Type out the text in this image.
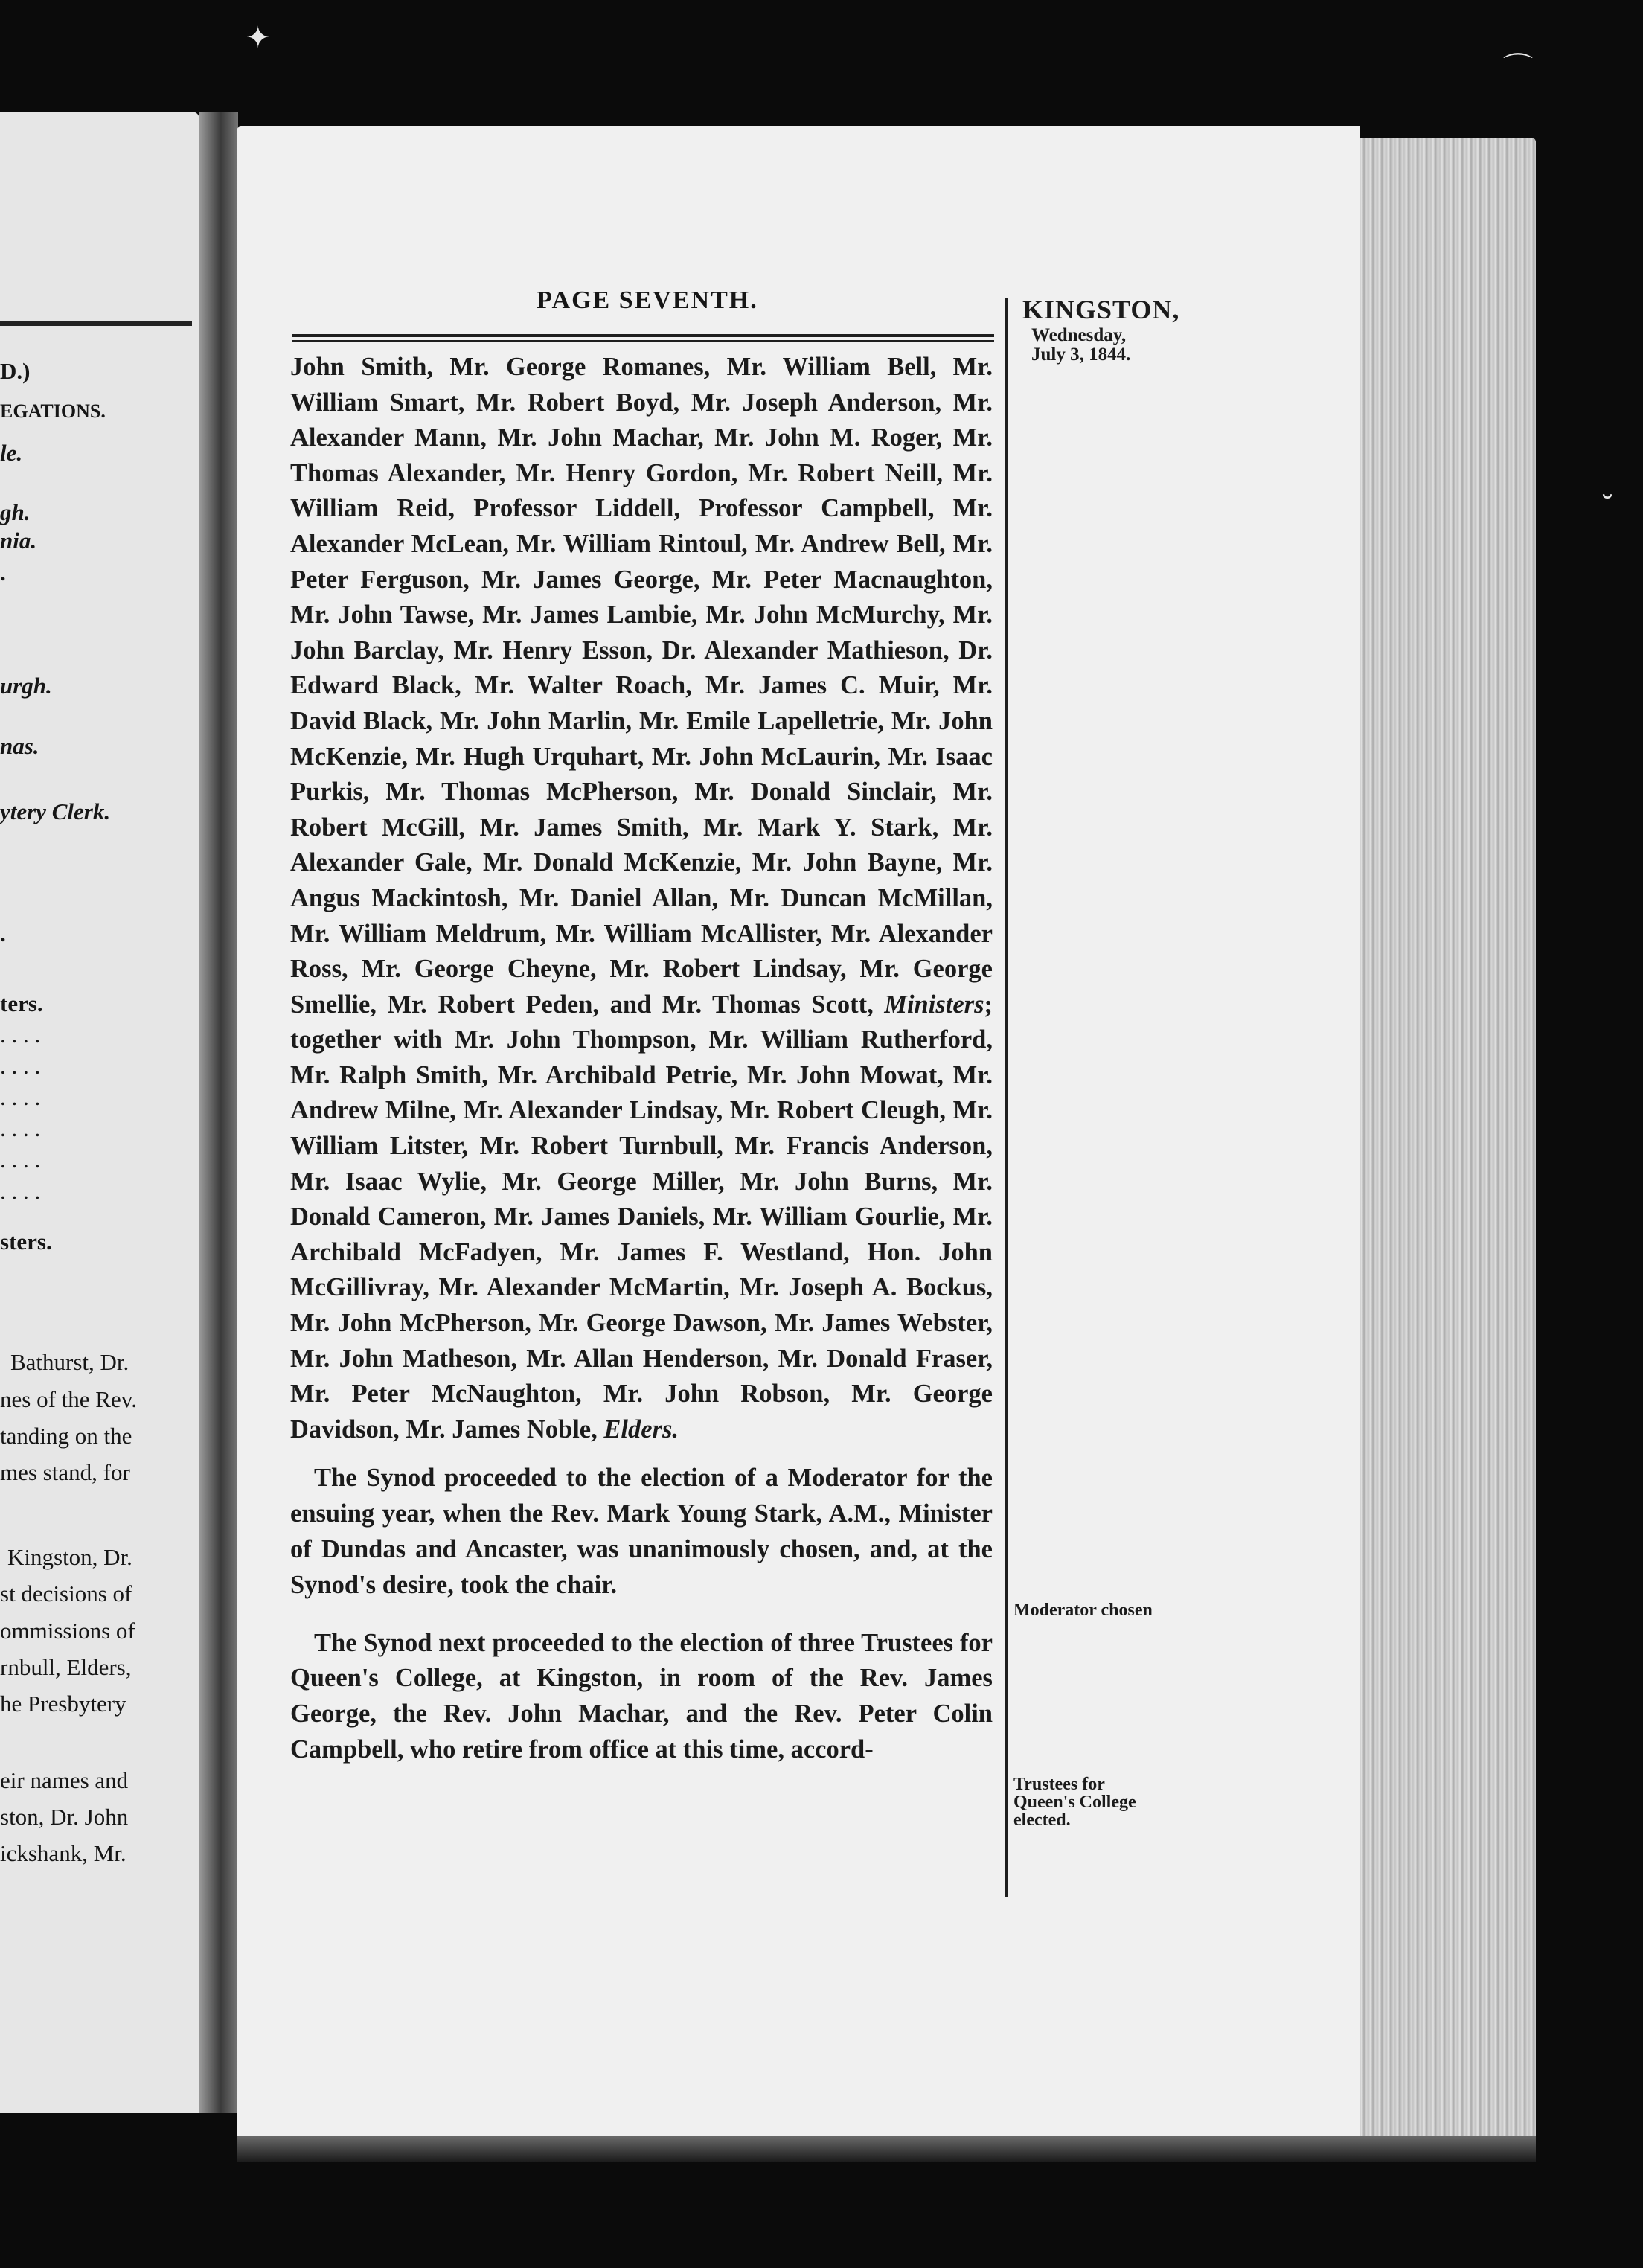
✦
⌒
˘
D.)
EGATIONS.
le.
gh.
nia.
.
urgh.
nas.
ytery Clerk.
.
ters.
. . . .
. . . .
. . . .
. . . .
. . . .
. . . .
sters.
Bathurst, Dr.
nes of the Rev.
tanding on the
mes stand, for
Kingston, Dr.
st decisions of
ommissions of
rnbull, Elders,
he Presbytery
eir names and
ston, Dr. John
ickshank, Mr.
PAGE SEVENTH.	KINGSTON,
Wednesday,
July 3, 1844.

John Smith, Mr. George Romanes, Mr. William Bell, Mr. William Smart, Mr. Robert Boyd, Mr. Joseph Anderson, Mr. Alexander Mann, Mr. John Machar, Mr. John M. Roger, Mr. Thomas Alexander, Mr. Henry Gordon, Mr. Robert Neill, Mr. William Reid, Professor Liddell, Professor Campbell, Mr. Alexander McLean, Mr. William Rintoul, Mr. Andrew Bell, Mr. Peter Ferguson, Mr. James George, Mr. Peter Macnaughton, Mr. John Tawse, Mr. James Lambie, Mr. John McMurchy, Mr. John Barclay, Mr. Henry Esson, Dr. Alexander Mathieson, Dr. Edward Black, Mr. Walter Roach, Mr. James C. Muir, Mr. David Black, Mr. John Marlin, Mr. Emile Lapelletrie, Mr. John McKenzie, Mr. Hugh Urquhart, Mr. John McLaurin, Mr. Isaac Purkis, Mr. Thomas McPherson, Mr. Donald Sinclair, Mr. Robert McGill, Mr. James Smith, Mr. Mark Y. Stark, Mr. Alexander Gale, Mr. Donald McKenzie, Mr. John Bayne, Mr. Angus Mackintosh, Mr. Daniel Allan, Mr. Duncan McMillan, Mr. William Meldrum, Mr. William McAllister, Mr. Alexander Ross, Mr. George Cheyne, Mr. Robert Lindsay, Mr. George Smellie, Mr. Robert Peden, and Mr. Thomas Scott, Ministers; together with Mr. John Thompson, Mr. William Rutherford, Mr. Ralph Smith, Mr. Archibald Petrie, Mr. John Mowat, Mr. Andrew Milne, Mr. Alexander Lindsay, Mr. Robert Cleugh, Mr. William Litster, Mr. Robert Turnbull, Mr. Francis Anderson, Mr. Isaac Wylie, Mr. George Miller, Mr. John Burns, Mr. Donald Cameron, Mr. James Daniels, Mr. William Gourlie, Mr. Archibald McFadyen, Mr. James F. Westland, Hon. John McGillivray, Mr. Alexander McMartin, Mr. Joseph A. Bockus, Mr. John McPherson, Mr. George Dawson, Mr. James Webster, Mr. John Matheson, Mr. Allan Henderson, Mr. Donald Fraser, Mr. Peter McNaughton, Mr. John Robson, Mr. George Davidson, Mr. James Noble, Elders.

The Synod proceeded to the election of a Moderator for the ensuing year, when the Rev. Mark Young Stark, A.M., Minister of Dundas and Ancaster, was unanimously chosen, and, at the Synod's desire, took the chair.

The Synod next proceeded to the election of three Trustees for Queen's College, at Kingston, in room of the Rev. James George, the Rev. John Machar, and the Rev. Peter Colin Campbell, who retire from office at this time, accord-

Moderator chosen
Trustees for
Queen's College
elected.
